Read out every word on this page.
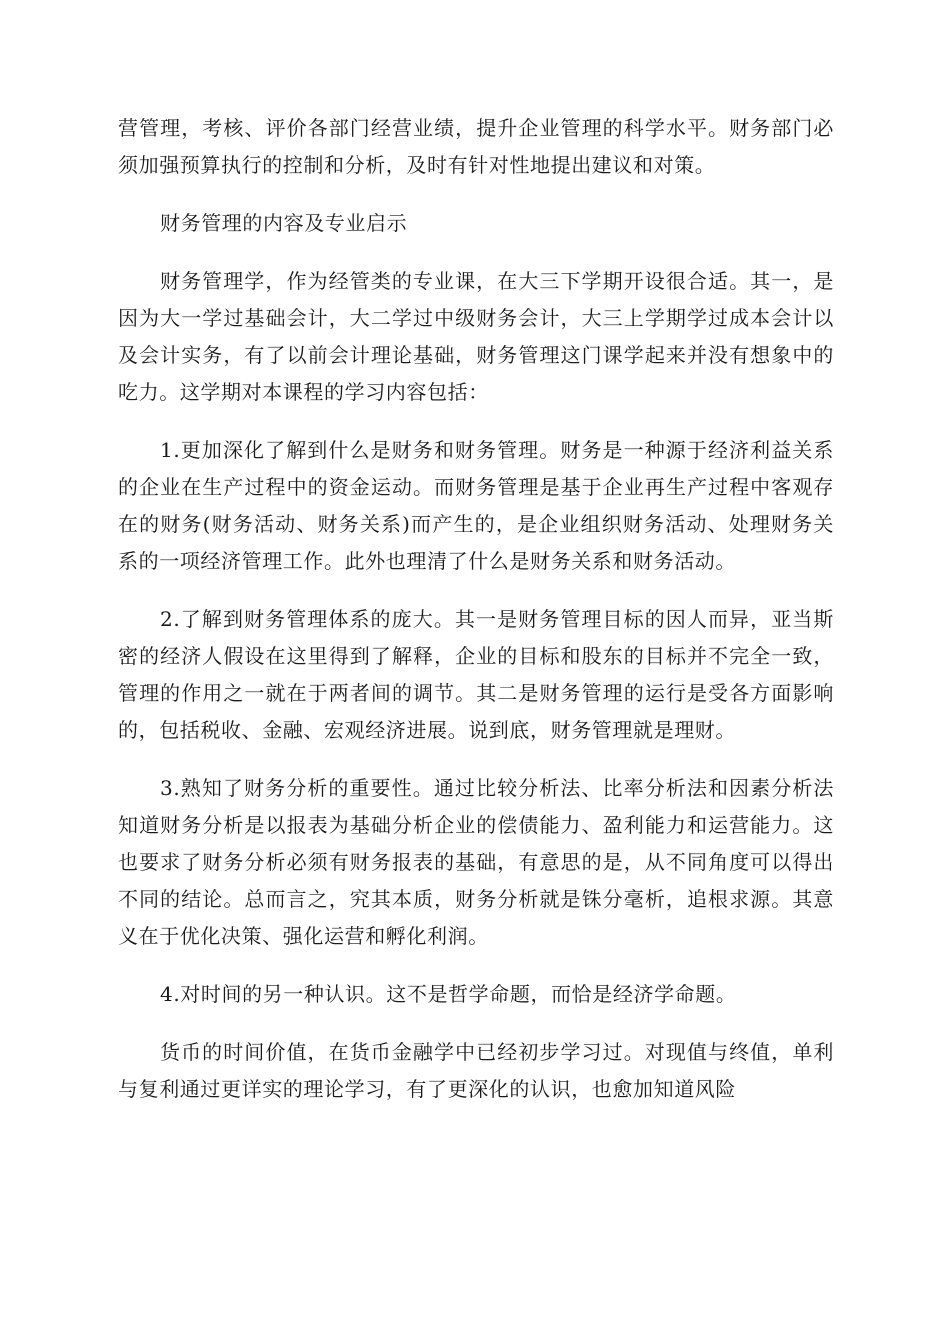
营管理，考核、评价各部门经营业绩，提升企业管理的科学水平。财务部门必须加强预算执行的控制和分析，及时有针对性地提出建议和对策。

财务管理的内容及专业启示

财务管理学，作为经管类的专业课，在大三下学期开设很合适。其一，是因为大一学过基础会计，大二学过中级财务会计，大三上学期学过成本会计以及会计实务，有了以前会计理论基础，财务管理这门课学起来并没有想象中的吃力。这学期对本课程的学习内容包括：

1.更加深化了解到什么是财务和财务管理。财务是一种源于经济利益关系的企业在生产过程中的资金运动。而财务管理是基于企业再生产过程中客观存在的财务(财务活动、财务关系)而产生的，是企业组织财务活动、处理财务关系的一项经济管理工作。此外也理清了什么是财务关系和财务活动。

2.了解到财务管理体系的庞大。其一是财务管理目标的因人而异，亚当斯密的经济人假设在这里得到了解释，企业的目标和股东的目标并不完全一致，管理的作用之一就在于两者间的调节。其二是财务管理的运行是受各方面影响的，包括税收、金融、宏观经济进展。说到底，财务管理就是理财。

3.熟知了财务分析的重要性。通过比较分析法、比率分析法和因素分析法知道财务分析是以报表为基础分析企业的偿债能力、盈利能力和运营能力。这也要求了财务分析必须有财务报表的基础，有意思的是，从不同角度可以得出不同的结论。总而言之，究其本质，财务分析就是铢分毫析，追根求源。其意义在于优化决策、强化运营和孵化利润。

4.对时间的另一种认识。这不是哲学命题，而恰是经济学命题。

货币的时间价值，在货币金融学中已经初步学习过。对现值与终值，单利与复利通过更详实的理论学习，有了更深化的认识，也愈加知道风险
